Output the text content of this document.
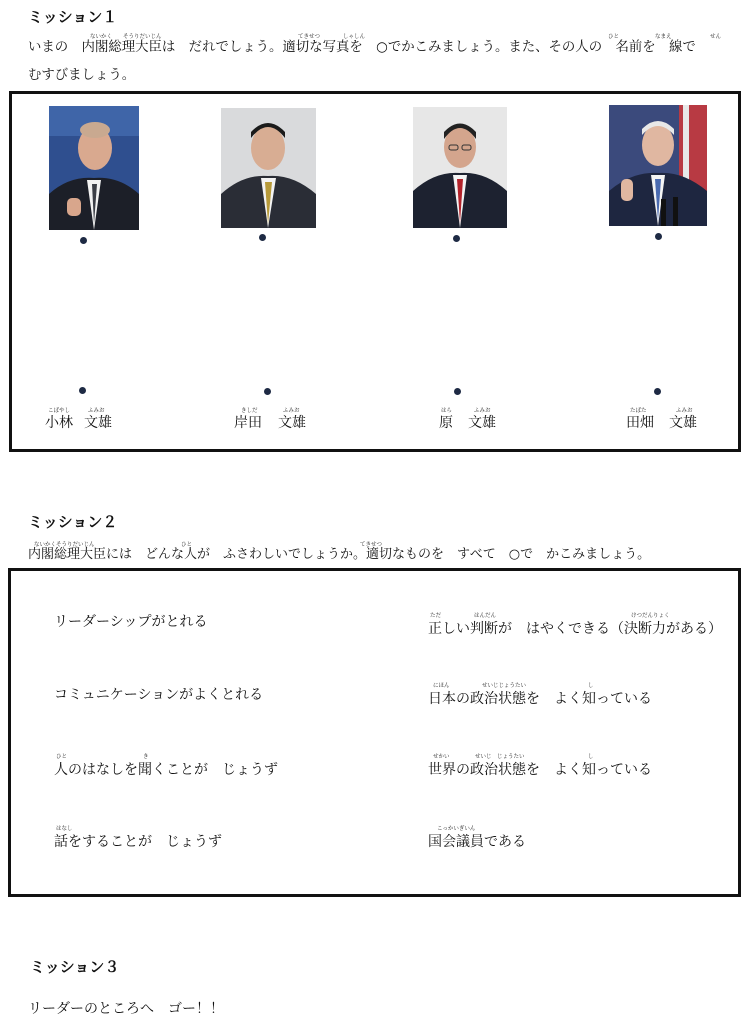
ミッション１
ないかく そうりだいじん	てきせつ	しゃしん	ひと	なまえ	せん
いまの　内閣総理大臣は　だれでしょう。適切な写真を　○でかこみましょう。また、その人の　名前を　線で
むすびましょう。
こばやし	ふみお
小林 文雄
きしだ	ふみお
岸田 文雄
はら	ふみお
原 文雄
たばた	ふみお
田畑 文雄
ミッション２
ないかくそうりだいじん	ひと	てきせつ
内閣総理大臣には　どんな人が　ふさわしいでしょうか。適切なものを　すべて　○で　かこみましょう。
リーダーシップがとれる
コミュニケーションがよくとれる
ひと	き
人のはなしを聞くことが　じょうず
はなし
話をすることが　じょうず
ただ	はんだん	けつだんりょく
正しい判断が　はやくできる（決断力がある）
にほん	せいじじょうたい	し
日本の政治状態を　よく知っている
せかい	せいじ　じょうたい	し
世界の政治状態を　よく知っている
こっかいぎいん
国会議員である
ミッション３
リーダーのところへ　ゴー！！
